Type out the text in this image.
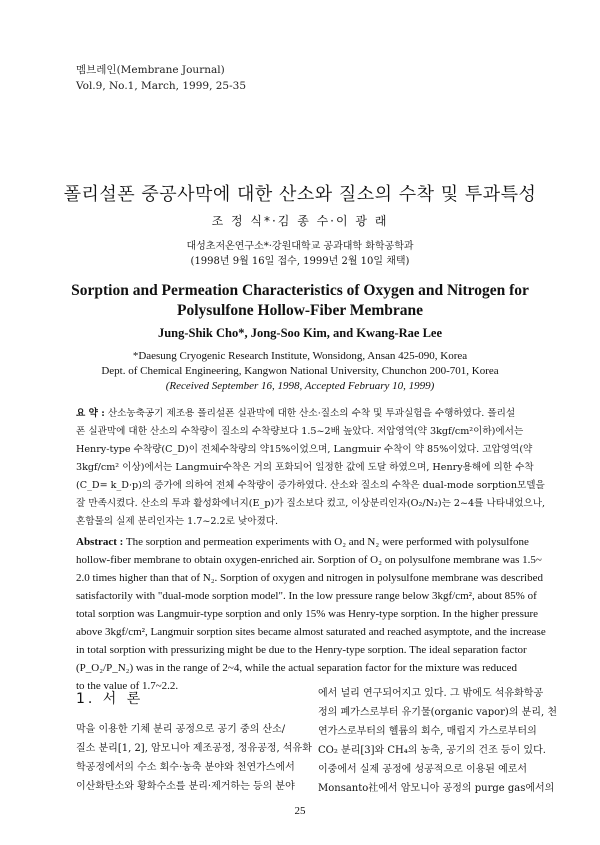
멤브레인(Membrane Journal)
Vol.9, No.1, March, 1999, 25-35
폴리설폰 중공사막에 대한 산소와 질소의 수착 및 투과특성
조 정 식*·김 종 수·이 광 래
대성초저온연구소*·강원대학교 공과대학 화학공학과
(1998년 9월 16일 접수, 1999년 2월 10일 채택)
Sorption and Permeation Characteristics of Oxygen and Nitrogen for
Polysulfone Hollow-Fiber Membrane
Jung-Shik Cho*, Jong-Soo Kim, and Kwang-Rae Lee
*Daesung Cryogenic Research Institute, Wonsidong, Ansan 425-090, Korea
Dept. of Chemical Engineering, Kangwon National University, Chunchon 200-701, Korea
(Received September 16, 1998, Accepted February 10, 1999)
요 약 : 산소농축공기 제조용 폴리설폰 실관막에 대한 산소·질소의 수착 및 투과실험을 수행하였다. 폴리설
폰 실관막에 대한 산소의 수착량이 질소의 수착량보다 1.5~2배 높았다. 저압영역(약 3kgf/cm²이하)에서는
Henry-type 수착량(C_D)이 전체수착량의 약15%이었으며, Langmuir 수착이 약 85%이었다. 고압영역(약
3kgf/cm² 이상)에서는 Langmuir수착은 거의 포화되어 일정한 값에 도달 하였으며, Henry용해에 의한 수착
(C_D= k_D·p)의 증가에 의하여 전체 수착량이 증가하였다. 산소와 질소의 수착은 dual-mode sorption모델을
잘 만족시켰다. 산소의 투과 활성화에너지(E_p)가 질소보다 컸고, 이상분리인자(O₂/N₂)는 2~4를 나타내었으나,
혼합물의 실제 분리인자는 1.7~2.2로 낮아졌다.
Abstract : The sorption and permeation experiments with O₂ and N₂ were performed with polysulfone
hollow-fiber membrane to obtain oxygen-enriched air. Sorption of O₂ on polysulfone membrane was 1.5~
2.0 times higher than that of N₂. Sorption of oxygen and nitrogen in polysulfone membrane was described
satisfactorily with "dual-mode sorption model". In the low pressure range below 3kgf/cm², about 85% of
total sorption was Langmuir-type sorption and only 15% was Henry-type sorption. In the higher pressure
above 3kgf/cm², Langmuir sorption sites became almost saturated and reached asymptote, and the increase
in total sorption with pressurizing might be due to the Henry-type sorption. The ideal separation factor
(P_O₂/P_N₂) was in the range of 2~4, while the actual separation factor for the mixture was reduced
to the value of 1.7~2.2.
1. 서 론
막을 이용한 기체 분리 공정으로 공기 중의 산소/
질소 분리[1, 2], 암모니아 제조공정, 정유공정, 석유화
학공정에서의 수소 회수·농축 분야와 천연가스에서
이산화탄소와 황화수소를 분리·제거하는 등의 분야
에서 널리 연구되어지고 있다. 그 밖에도 석유화학공
정의 폐가스로부터 유기물(organic vapor)의 분리, 천
연가스로부터의 헬륨의 회수, 매립지 가스로부터의
CO₂ 분리[3]와 CH₄의 농축, 공기의 건조 등이 있다.
이중에서 실제 공정에 성공적으로 이용된 예로서
Monsanto社에서 암모니아 공정의 purge gas에서의
25
